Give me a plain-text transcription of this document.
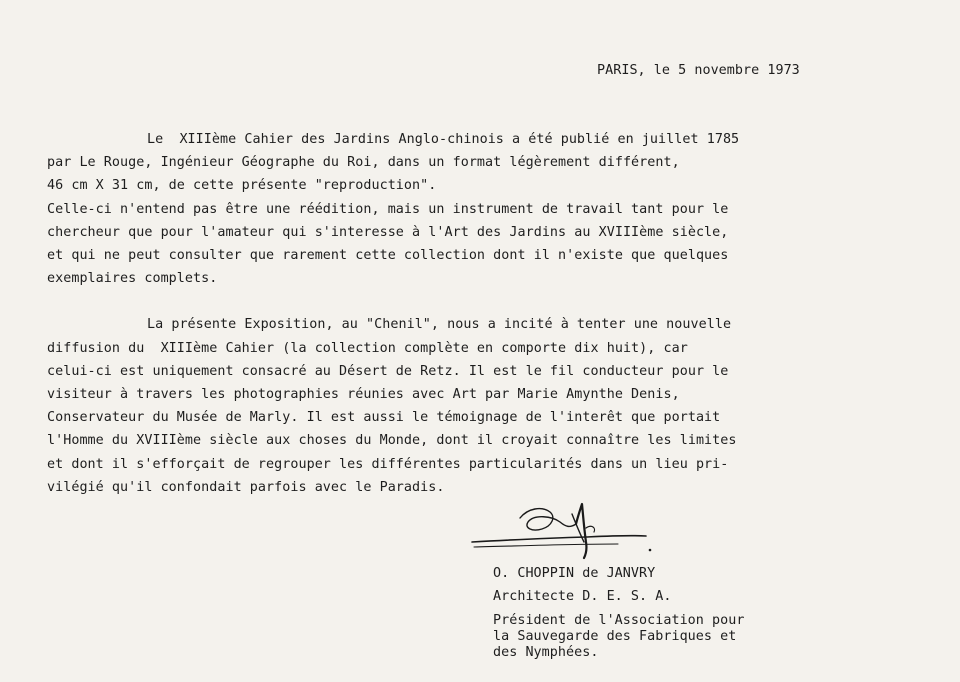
PARIS, le 5 novembre 1973
Le  XIIIème Cahier des Jardins Anglo-chinois a été publié en juillet 1785
par Le Rouge, Ingénieur Géographe du Roi, dans un format légèrement différent,
46 cm X 31 cm, de cette présente "reproduction".
Celle-ci n'entend pas être une réédition, mais un instrument de travail tant pour le
chercheur que pour l'amateur qui s'interesse à l'Art des Jardins au XVIIIème siècle,
et qui ne peut consulter que rarement cette collection dont il n'existe que quelques
exemplaires complets.
La présente Exposition, au "Chenil", nous a incité à tenter une nouvelle
diffusion du  XIIIème Cahier (la collection complète en comporte dix huit), car
celui-ci est uniquement consacré au Désert de Retz. Il est le fil conducteur pour le
visiteur à travers les photographies réunies avec Art par Marie Amynthe Denis,
Conservateur du Musée de Marly. Il est aussi le témoignage de l'interêt que portait
l'Homme du XVIIIème siècle aux choses du Monde, dont il croyait connaître les limites
et dont il s'efforçait de regrouper les différentes particularités dans un lieu pri-
vilégié qu'il confondait parfois avec le Paradis.
O. CHOPPIN de JANVRY
Architecte D. E. S. A.
Président de l'Association pour
la Sauvegarde des Fabriques et
des Nymphées.
